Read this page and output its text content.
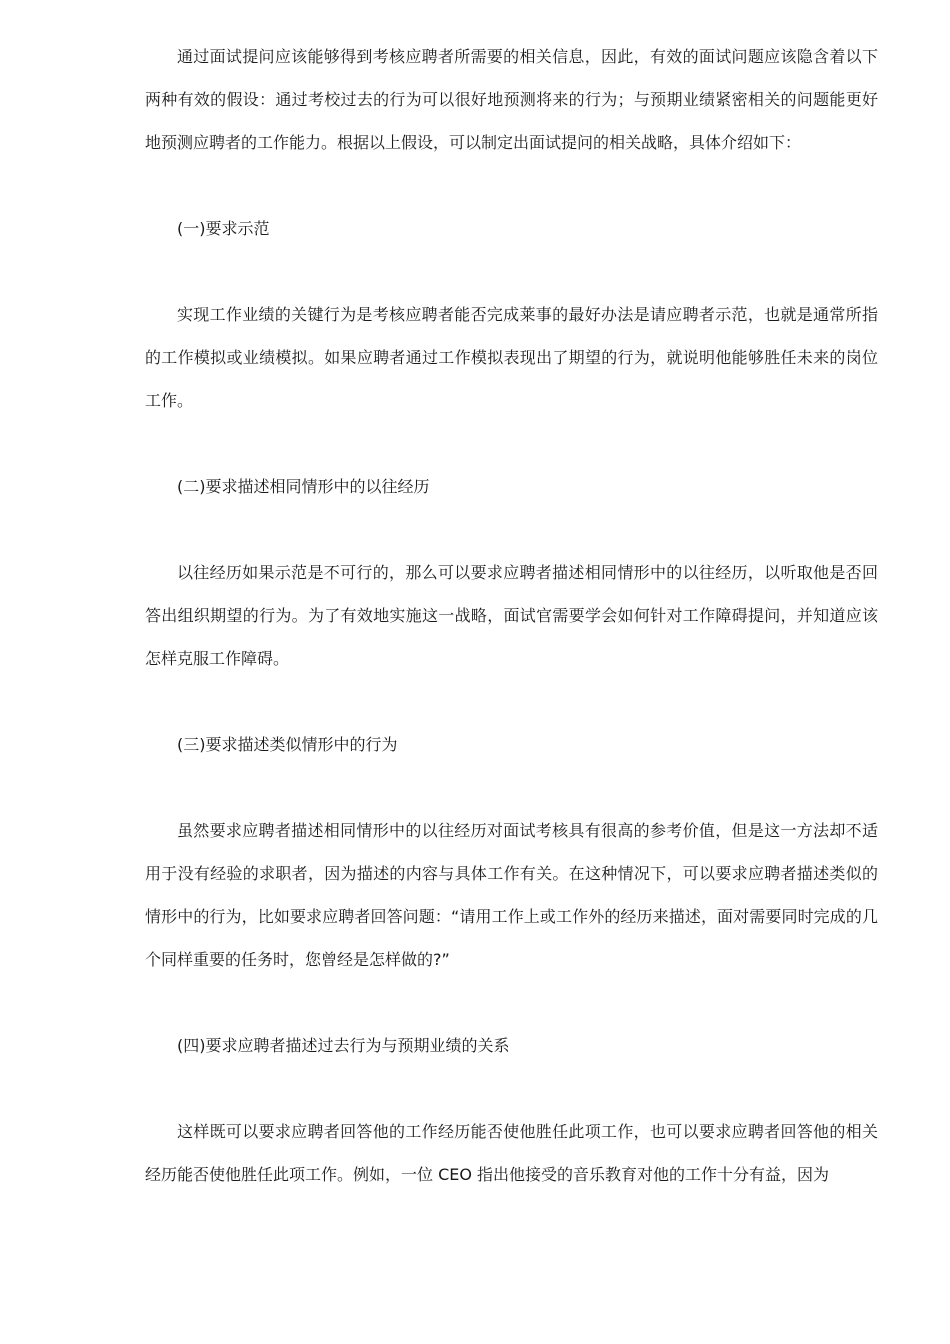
通过面试提问应该能够得到考核应聘者所需要的相关信息，因此，有效的面试问题应该隐含着以下两种有效的假设：通过考校过去的行为可以很好地预测将来的行为；与预期业绩紧密相关的问题能更好地预测应聘者的工作能力。根据以上假设，可以制定出面试提问的相关战略，具体介绍如下：

(一)要求示范

实现工作业绩的关键行为是考核应聘者能否完成莱事的最好办法是请应聘者示范，也就是通常所指的工作模拟或业绩模拟。如果应聘者通过工作模拟表现出了期望的行为，就说明他能够胜任未来的岗位工作。

(二)要求描述相同情形中的以往经历

以往经历如果示范是不可行的，那么可以要求应聘者描述相同情形中的以往经历，以听取他是否回答出组织期望的行为。为了有效地实施这一战略，面试官需要学会如何针对工作障碍提问，并知道应该怎样克服工作障碍。

(三)要求描述类似情形中的行为

虽然要求应聘者描述相同情形中的以往经历对面试考核具有很高的参考价值，但是这一方法却不适用于没有经验的求职者，因为描述的内容与具体工作有关。在这种情况下，可以要求应聘者描述类似的情形中的行为，比如要求应聘者回答问题：“请用工作上或工作外的经历来描述，面对需要同时完成的几个同样重要的任务时，您曾经是怎样做的?”

(四)要求应聘者描述过去行为与预期业绩的关系

这样既可以要求应聘者回答他的工作经历能否使他胜任此项工作，也可以要求应聘者回答他的相关经历能否使他胜任此项工作。例如，一位 CEO 指出他接受的音乐教育对他的工作十分有益，因为
